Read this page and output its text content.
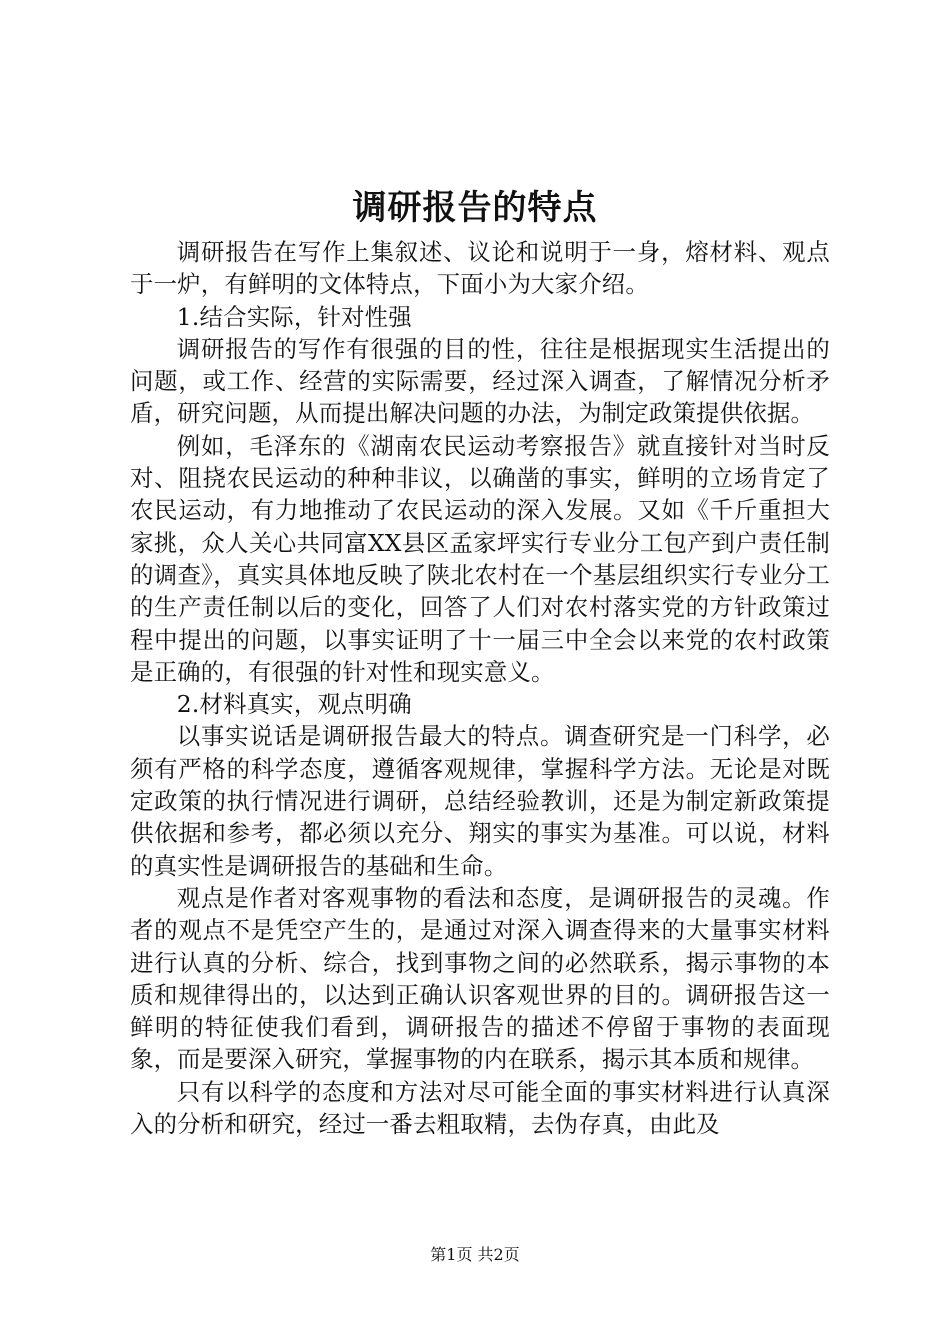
调研报告的特点

调研报告在写作上集叙述、议论和说明于一身，熔材料、观点于一炉，有鲜明的文体特点，下面小为大家介绍。

1.结合实际，针对性强

调研报告的写作有很强的目的性，往往是根据现实生活提出的问题，或工作、经营的实际需要，经过深入调查，了解情况分析矛盾，研究问题，从而提出解决问题的办法，为制定政策提供依据。

例如，毛泽东的《湖南农民运动考察报告》就直接针对当时反对、阻挠农民运动的种种非议，以确凿的事实，鲜明的立场肯定了农民运动，有力地推动了农民运动的深入发展。又如《千斤重担大家挑，众人关心共同富XX县区孟家坪实行专业分工包产到户责任制的调查》，真实具体地反映了陕北农村在一个基层组织实行专业分工的生产责任制以后的变化，回答了人们对农村落实党的方针政策过程中提出的问题，以事实证明了十一届三中全会以来党的农村政策是正确的，有很强的针对性和现实意义。

2.材料真实，观点明确

以事实说话是调研报告最大的特点。调查研究是一门科学，必须有严格的科学态度，遵循客观规律，掌握科学方法。无论是对既定政策的执行情况进行调研，总结经验教训，还是为制定新政策提供依据和参考，都必须以充分、翔实的事实为基准。可以说，材料的真实性是调研报告的基础和生命。

观点是作者对客观事物的看法和态度，是调研报告的灵魂。作者的观点不是凭空产生的，是通过对深入调查得来的大量事实材料进行认真的分析、综合，找到事物之间的必然联系，揭示事物的本质和规律得出的，以达到正确认识客观世界的目的。调研报告这一鲜明的特征使我们看到，调研报告的描述不停留于事物的表面现象，而是要深入研究，掌握事物的内在联系，揭示其本质和规律。

只有以科学的态度和方法对尽可能全面的事实材料进行认真深入的分析和研究，经过一番去粗取精，去伪存真，由此及

第1页 共2页
